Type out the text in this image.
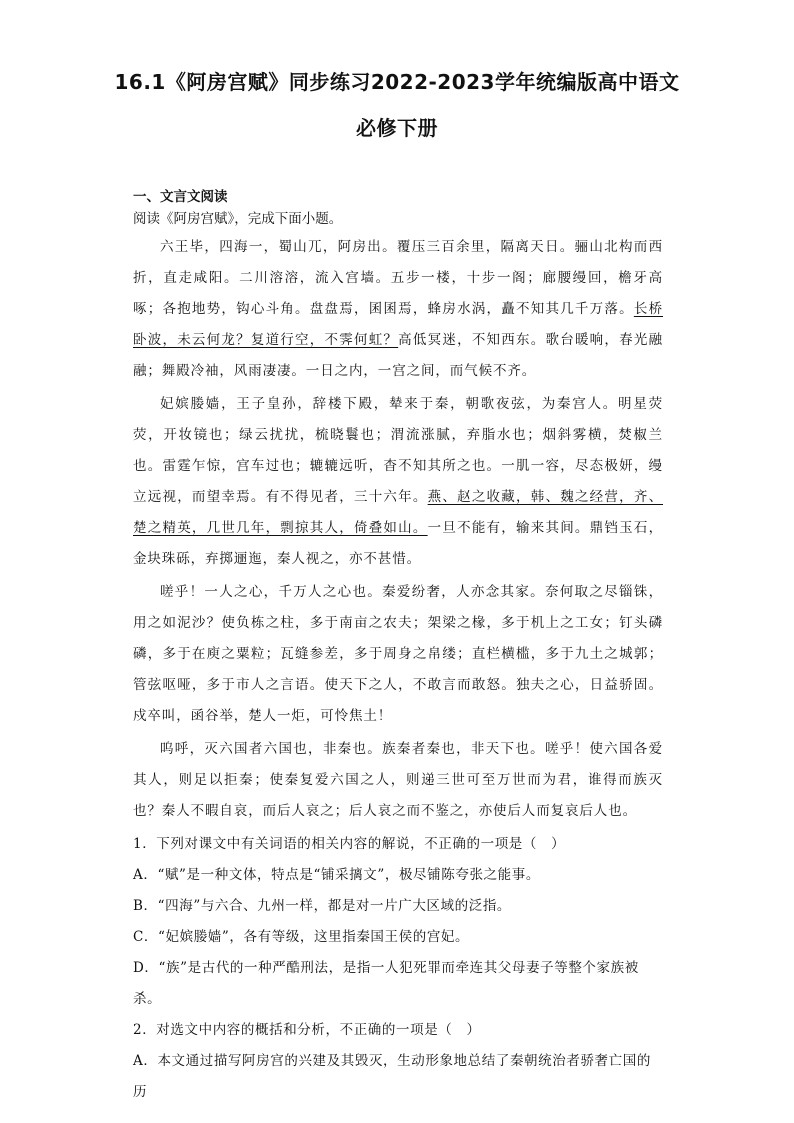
16.1《阿房宫赋》同步练习2022-2023学年统编版高中语文
必修下册
一、文言文阅读
阅读《阿房宫赋》，完成下面小题。

六王毕，四海一，蜀山兀，阿房出。覆压三百余里，隔离天日。骊山北构而西折，直走咸阳。二川溶溶，流入宫墙。五步一楼，十步一阁；廊腰缦回，檐牙高啄；各抱地势，钩心斗角。盘盘焉，囷囷焉，蜂房水涡，矗不知其几千万落。长桥卧波，未云何龙？复道行空，不霁何虹？高低冥迷，不知西东。歌台暖响，春光融融；舞殿冷袖，风雨凄凄。一日之内，一宫之间，而气候不齐。

妃嫔媵嫱，王子皇孙，辞楼下殿，辇来于秦，朝歌夜弦，为秦宫人。明星荧荧，开妆镜也；绿云扰扰，梳晓鬟也；渭流涨腻，弃脂水也；烟斜雾横，焚椒兰也。雷霆乍惊，宫车过也；辘辘远听，杳不知其所之也。一肌一容，尽态极妍，缦立远视，而望幸焉。有不得见者，三十六年。燕、赵之收藏，韩、魏之经营，齐、楚之精英，几世几年，剽掠其人，倚叠如山。一旦不能有，输来其间。鼎铛玉石，金块珠砾，弃掷逦迤，秦人视之，亦不甚惜。

嗟乎！一人之心，千万人之心也。秦爱纷奢，人亦念其家。奈何取之尽锱铢，用之如泥沙？使负栋之柱，多于南亩之农夫；架梁之椽，多于机上之工女；钉头磷磷，多于在庾之粟粒；瓦缝参差，多于周身之帛缕；直栏横槛，多于九土之城郭；管弦呕哑，多于市人之言语。使天下之人，不敢言而敢怒。独夫之心，日益骄固。戍卒叫，函谷举，楚人一炬，可怜焦土！

呜呼，灭六国者六国也，非秦也。族秦者秦也，非天下也。嗟乎！使六国各爱其人，则足以拒秦；使秦复爱六国之人，则递三世可至万世而为君，谁得而族灭也？秦人不暇自哀，而后人哀之；后人哀之而不鉴之，亦使后人而复哀后人也。

1．下列对课文中有关词语的相关内容的解说，不正确的一项是（　）
A．“赋”是一种文体，特点是“铺采摛文”，极尽铺陈夸张之能事。
B．“四海”与六合、九州一样，都是对一片广大区域的泛指。
C．“妃嫔媵嫱”，各有等级，这里指秦国王侯的宫妃。
D．“族”是古代的一种严酷刑法，是指一人犯死罪而牵连其父母妻子等整个家族被杀。
2．对选文中内容的概括和分析，不正确的一项是（　）
A．本文通过描写阿房宫的兴建及其毁灭，生动形象地总结了秦朝统治者骄奢亡国的历
